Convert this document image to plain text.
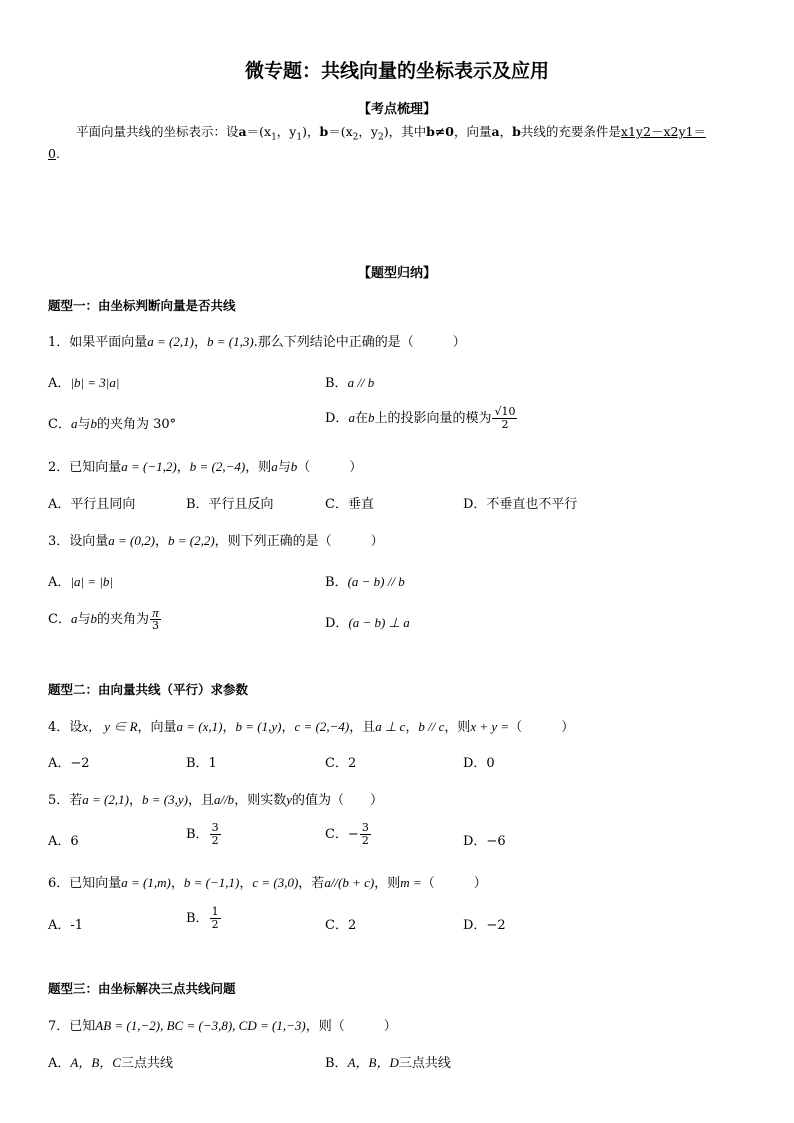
微专题：共线向量的坐标表示及应用
【考点梳理】
平面向量共线的坐标表示：设$a=(x_1$，$y_1$)，$b=(x_2$，$y_2$)，其中b≠0，向量a，b共线的充要条件是x1y2－x2y1＝
0.
【题型归纳】
题型一：由坐标判断向量是否共线
1．如果平面向量a = (2,1)，b = (1,3).那么下列结论中正确的是（　　　）
A．|b| = 3|a|	B．a // b
C．a与b的夹角为 30°	D．a在b上的投影向量的模为 $\frac{√10}{2}$
2．已知向量a = (−1,2)，b = (2,−4)，则a与b（　　　）
A．平行且同向	B．平行且反向	C．垂直	D．不垂直也不平行
3．设向量a = (0,2)，b = (2,2)，则下列正确的是（　　　）
A．|a| = |b|	B．(a − b) // b
C．a与b的夹角为 $\frac{\pi}{3}$	D．(a − b) ⊥ a
题型二：由向量共线（平行）求参数
4．设x， y ∈ R，向量a = (x,1)，b = (1,y)，c = (2,−4)，且a ⊥ c，b // c，则x + y =（　　　）
A．−2	B．1	C．2	D．0
5．若a = (2,1)，b = (3,y)，且a//b，则实数y的值为（　　）
A．6	B． $\frac{3}{2}$	C．− $\frac{3}{2}$	D．−6
6．已知向量a = (1,m)，b = (−1,1)，c = (3,0)，若a//(b + c)，则m =（　　　）
A．-1	B． $\frac{1}{2}$	C．2	D．−2
题型三：由坐标解决三点共线问题
7．已知AB = (1,−2), BC = (−3,8), CD = (1,−3)，则（　　　）
A．A，B，C三点共线	B．A，B，D三点共线
